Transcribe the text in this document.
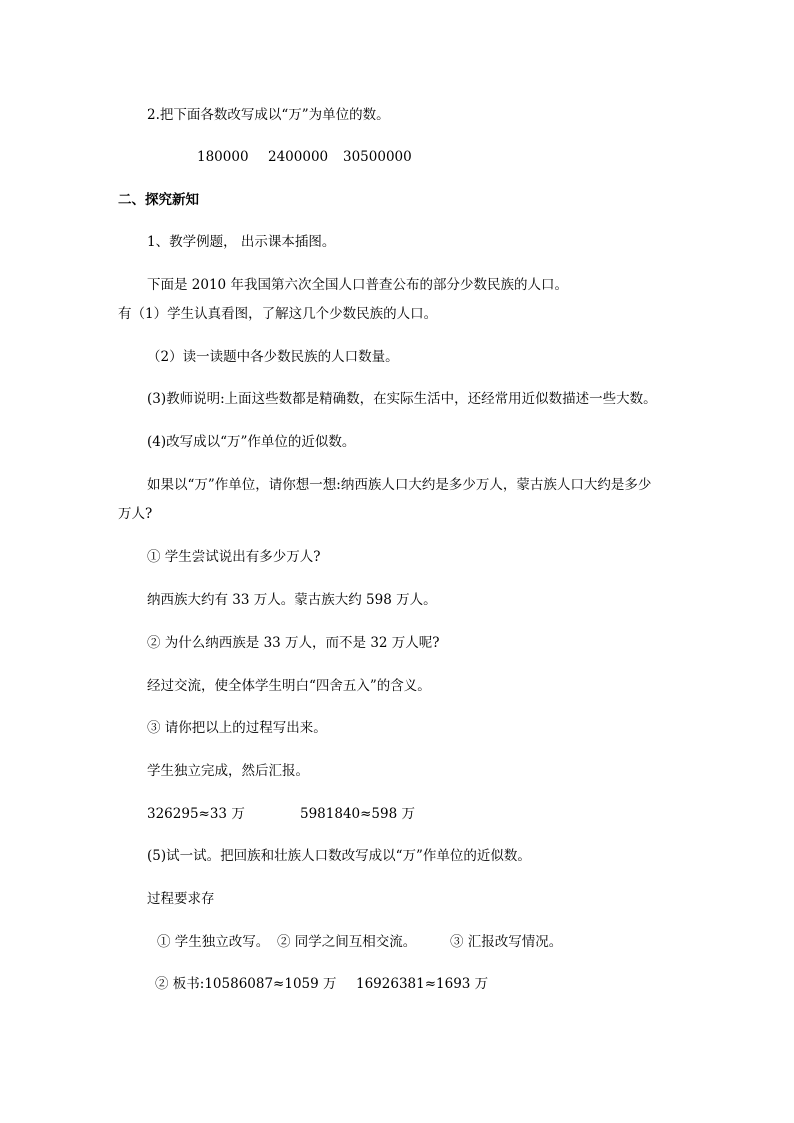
2.把下面各数改写成以“万”为单位的数。
180000 2400000 30500000
二、探究新知
1、教学例题， 出示课本插图。
下面是 2010 年我国第六次全国人口普查公布的部分少数民族的人口。
有（1）学生认真看图，了解这几个少数民族的人口。
（2）读一读题中各少数民族的人口数量。
(3)教师说明:上面这些数都是精确数，在实际生活中，还经常用近似数描述一些大数。
(4)改写成以“万”作单位的近似数。
如果以“万”作单位，请你想一想:纳西族人口大约是多少万人，蒙古族人口大约是多少
万人?
① 学生尝试说出有多少万人?
纳西族大约有 33 万人。蒙古族大约 598 万人。
② 为什么纳西族是 33 万人，而不是 32 万人呢?
经过交流，使全体学生明白“四舍五入”的含义。
③ 请你把以上的过程写出来。
学生独立完成，然后汇报。
326295≈33 万	5981840≈598 万
(5)试一试。把回族和壮族人口数改写成以“万”作单位的近似数。
过程要求存
① 学生独立改写。 ② 同学之间互相交流。 ③ 汇报改写情况。
② 板书:10586087≈1059 万 16926381≈1693 万
